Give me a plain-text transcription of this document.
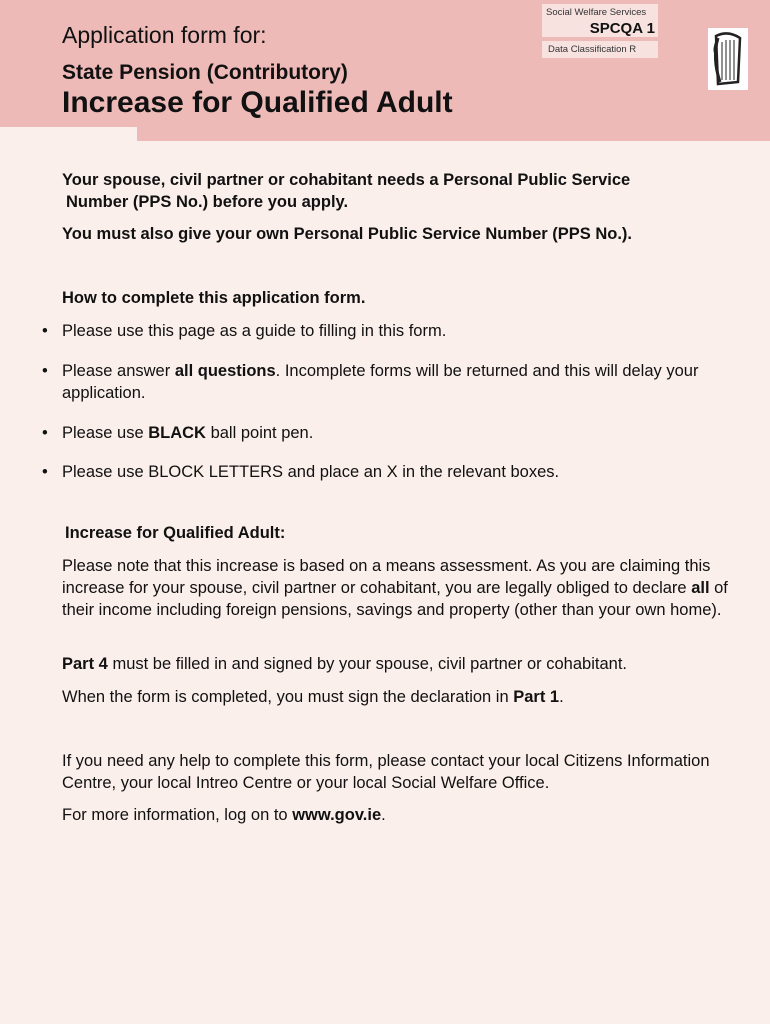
Application form for:
State Pension (Contributory)
Increase for Qualified Adult
Social Welfare Services
SPCQA 1
Data Classification R
Your spouse, civil partner or cohabitant needs a Personal Public Service
Number (PPS No.) before you apply.
You must also give your own Personal Public Service Number (PPS No.).
How to complete this application form.
• Please use this page as a guide to filling in this form.
• Please answer all questions. Incomplete forms will be returned and this will delay your application.
• Please use BLACK ball point pen.
• Please use BLOCK LETTERS and place an X in the relevant boxes.
Increase for Qualified Adult:
Please note that this increase is based on a means assessment. As you are claiming this increase for your spouse, civil partner or cohabitant, you are legally obliged to declare all of their income including foreign pensions, savings and property (other than your own home).
Part 4 must be filled in and signed by your spouse, civil partner or cohabitant.
When the form is completed, you must sign the declaration in Part 1.
If you need any help to complete this form, please contact your local Citizens Information Centre, your local Intreo Centre or your local Social Welfare Office.
For more information, log on to www.gov.ie.
